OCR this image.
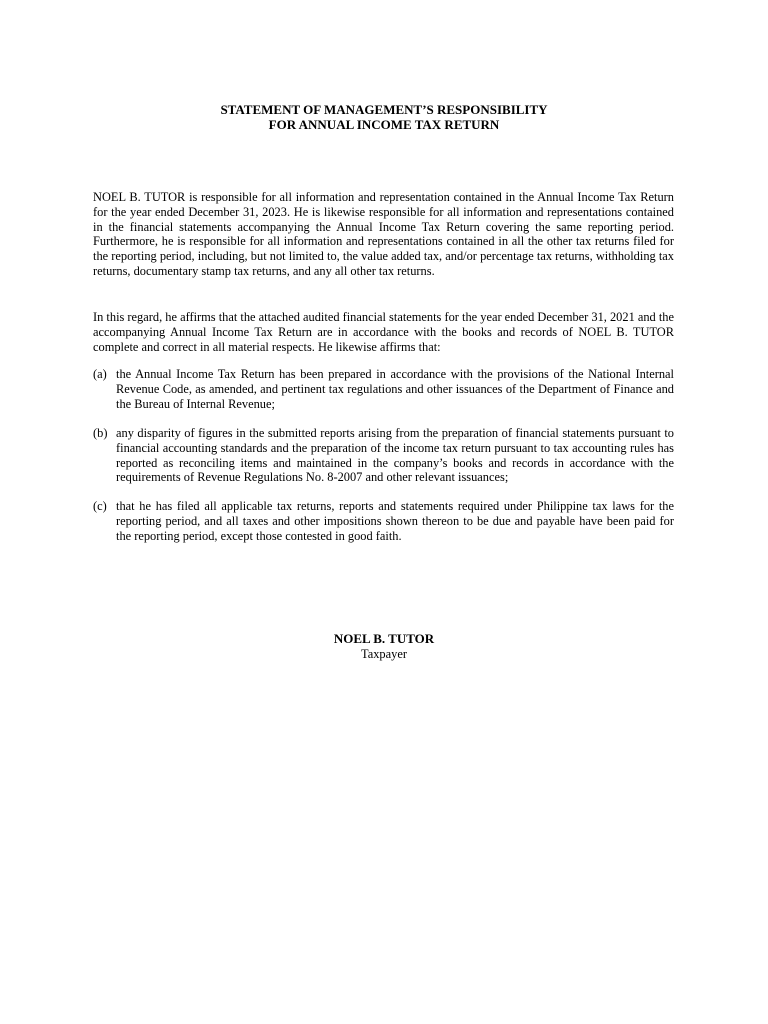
STATEMENT OF MANAGEMENT’S RESPONSIBILITY
FOR ANNUAL INCOME TAX RETURN
NOEL B. TUTOR is responsible for all information and representation contained in the Annual Income Tax Return for the year ended December 31, 2023. He is likewise responsible for all information and representations contained in the financial statements accompanying the Annual Income Tax Return covering the same reporting period. Furthermore, he is responsible for all information and representations contained in all the other tax returns filed for the reporting period, including, but not limited to, the value added tax, and/or percentage tax returns, withholding tax returns, documentary stamp tax returns, and any all other tax returns.
In this regard, he affirms that the attached audited financial statements for the year ended December 31, 2021 and the accompanying Annual Income Tax Return are in accordance with the books and records of NOEL B. TUTOR complete and correct in all material respects. He likewise affirms that:
(a) the Annual Income Tax Return has been prepared in accordance with the provisions of the National Internal Revenue Code, as amended, and pertinent tax regulations and other issuances of the Department of Finance and the Bureau of Internal Revenue;
(b) any disparity of figures in the submitted reports arising from the preparation of financial statements pursuant to financial accounting standards and the preparation of the income tax return pursuant to tax accounting rules has reported as reconciling items and maintained in the company’s books and records in accordance with the requirements of Revenue Regulations No. 8-2007 and other relevant issuances;
(c) that he has filed all applicable tax returns, reports and statements required under Philippine tax laws for the reporting period, and all taxes and other impositions shown thereon to be due and payable have been paid for the reporting period, except those contested in good faith.
NOEL B. TUTOR
Taxpayer
